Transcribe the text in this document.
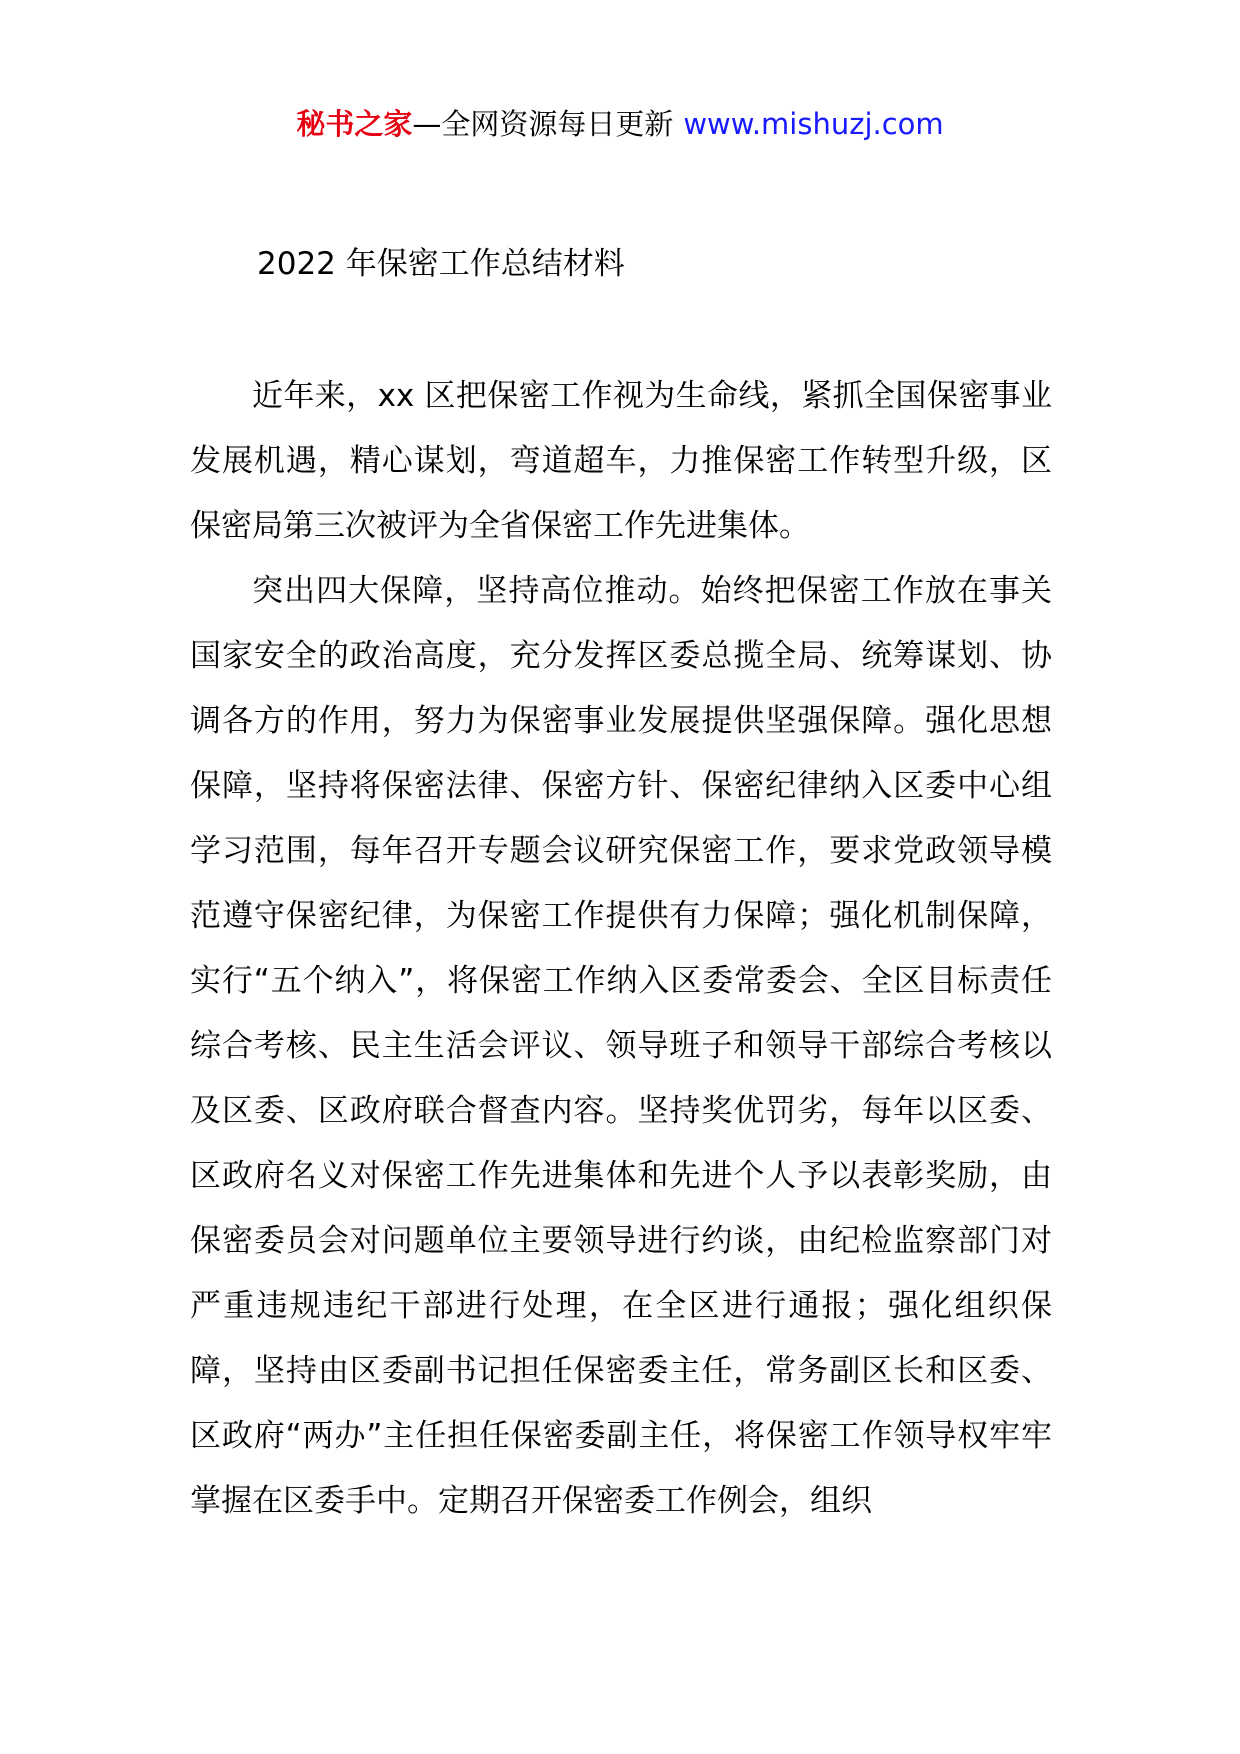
秘书之家—全网资源每日更新 www.mishuzj.com
2022 年保密工作总结材料

近年来，xx 区把保密工作视为生命线，紧抓全国保密事业发展机遇，精心谋划，弯道超车，力推保密工作转型升级，区保密局第三次被评为全省保密工作先进集体。

突出四大保障，坚持高位推动。始终把保密工作放在事关国家安全的政治高度，充分发挥区委总揽全局、统筹谋划、协调各方的作用，努力为保密事业发展提供坚强保障。强化思想保障，坚持将保密法律、保密方针、保密纪律纳入区委中心组学习范围，每年召开专题会议研究保密工作，要求党政领导模范遵守保密纪律，为保密工作提供有力保障；强化机制保障，实行“五个纳入”，将保密工作纳入区委常委会、全区目标责任综合考核、民主生活会评议、领导班子和领导干部综合考核以及区委、区政府联合督查内容。坚持奖优罚劣，每年以区委、区政府名义对保密工作先进集体和先进个人予以表彰奖励，由保密委员会对问题单位主要领导进行约谈，由纪检监察部门对严重违规违纪干部进行处理，在全区进行通报；强化组织保障，坚持由区委副书记担任保密委主任，常务副区长和区委、区政府“两办”主任担任保密委副主任，将保密工作领导权牢牢掌握在区委手中。定期召开保密委工作例会，组织
